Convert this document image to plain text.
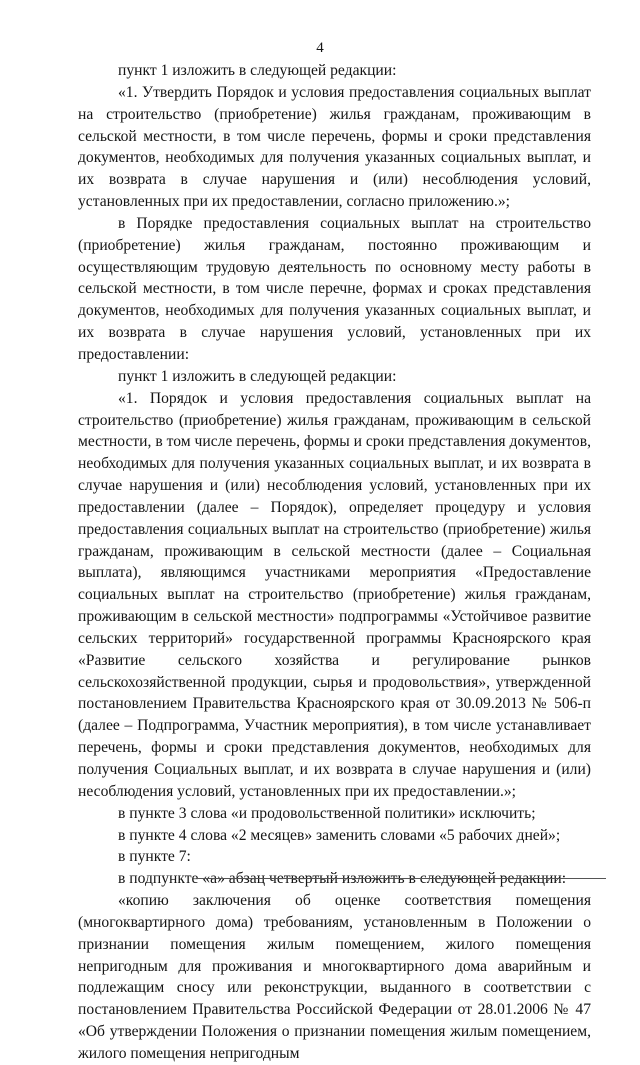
4

пункт 1 изложить в следующей редакции:

«1. Утвердить Порядок и условия предоставления социальных выплат на строительство (приобретение) жилья гражданам, проживающим в сельской местности, в том числе перечень, формы и сроки представления документов, необходимых для получения указанных социальных выплат, и их возврата в случае нарушения и (или) несоблюдения условий, установленных при их предоставлении, согласно приложению.»;

в Порядке предоставления социальных выплат на строительство (приобретение) жилья гражданам, постоянно проживающим и осуществляющим трудовую деятельность по основному месту работы в сельской местности, в том числе перечне, формах и сроках представления документов, необходимых для получения указанных социальных выплат, и их возврата в случае нарушения условий, установленных при их предоставлении:

пункт 1 изложить в следующей редакции:

«1. Порядок и условия предоставления социальных выплат на строительство (приобретение) жилья гражданам, проживающим в сельской местности, в том числе перечень, формы и сроки представления документов, необходимых для получения указанных социальных выплат, и их возврата в случае нарушения и (или) несоблюдения условий, установленных при их предоставлении (далее – Порядок), определяет процедуру и условия предоставления социальных выплат на строительство (приобретение) жилья гражданам, проживающим в сельской местности (далее – Социальная выплата), являющимся участниками мероприятия «Предоставление социальных выплат на строительство (приобретение) жилья гражданам, проживающим в сельской местности» подпрограммы «Устойчивое развитие сельских территорий» государственной программы Красноярского края «Развитие сельского хозяйства и регулирование рынков сельскохозяйственной продукции, сырья и продовольствия», утвержденной постановлением Правительства Красноярского края от 30.09.2013 № 506-п (далее – Подпрограмма, Участник мероприятия), в том числе устанавливает перечень, формы и сроки представления документов, необходимых для получения Социальных выплат, и их возврата в случае нарушения и (или) несоблюдения условий, установленных при их предоставлении.»;

в пункте 3 слова «и продовольственной политики» исключить;

в пункте 4 слова «2 месяцев» заменить словами «5 рабочих дней»;

в пункте 7:

в подпункте «а» абзац четвертый изложить в следующей редакции:

«копию заключения об оценке соответствия помещения (многоквартирного дома) требованиям, установленным в Положении о признании помещения жилым помещением, жилого помещения непригодным для проживания и многоквартирного дома аварийным и подлежащим сносу или реконструкции, выданного в соответствии с постановлением Правительства Российской Федерации от 28.01.2006 № 47 «Об утверждении Положения о признании помещения жилым помещением, жилого помещения непригодным
